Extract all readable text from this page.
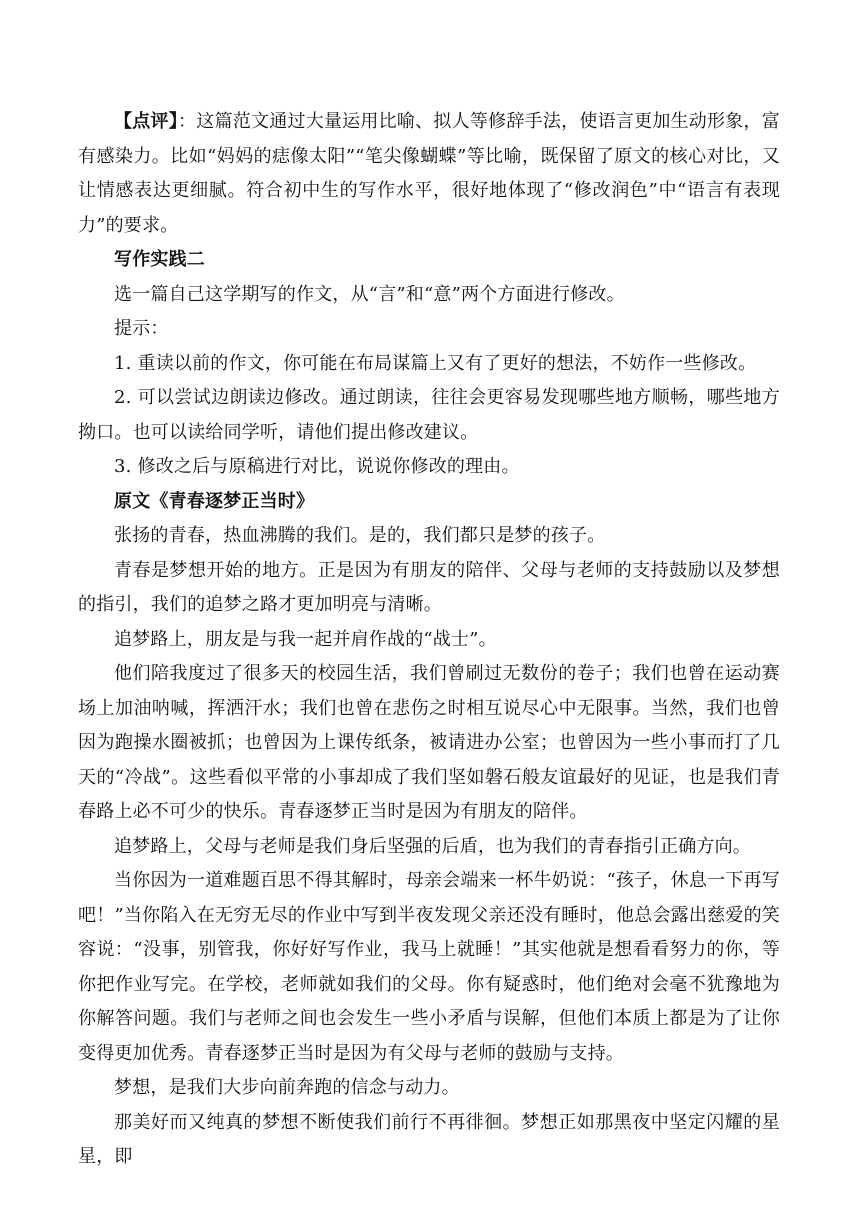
【点评】：这篇范文通过大量运用比喻、拟人等修辞手法，使语言更加生动形象，富有感染力。比如“妈妈的痣像太阳”“笔尖像蝴蝶”等比喻，既保留了原文的核心对比，又让情感表达更细腻。符合初中生的写作水平，很好地体现了“修改润色”中“语言有表现力”的要求。

写作实践二

选一篇自己这学期写的作文，从“言”和“意”两个方面进行修改。

提示：

1. 重读以前的作文，你可能在布局谋篇上又有了更好的想法，不妨作一些修改。

2. 可以尝试边朗读边修改。通过朗读，往往会更容易发现哪些地方顺畅，哪些地方拗口。也可以读给同学听，请他们提出修改建议。

3. 修改之后与原稿进行对比，说说你修改的理由。

原文《青春逐梦正当时》

张扬的青春，热血沸腾的我们。是的，我们都只是梦的孩子。

青春是梦想开始的地方。正是因为有朋友的陪伴、父母与老师的支持鼓励以及梦想的指引，我们的追梦之路才更加明亮与清晰。

追梦路上，朋友是与我一起并肩作战的“战士”。

他们陪我度过了很多天的校园生活，我们曾刷过无数份的卷子；我们也曾在运动赛场上加油呐喊，挥洒汗水；我们也曾在悲伤之时相互说尽心中无限事。当然，我们也曾因为跑操水圈被抓；也曾因为上课传纸条，被请进办公室；也曾因为一些小事而打了几天的“冷战”。这些看似平常的小事却成了我们坚如磐石般友谊最好的见证，也是我们青春路上必不可少的快乐。青春逐梦正当时是因为有朋友的陪伴。

追梦路上，父母与老师是我们身后坚强的后盾，也为我们的青春指引正确方向。

当你因为一道难题百思不得其解时，母亲会端来一杯牛奶说：“孩子，休息一下再写吧！”当你陷入在无穷无尽的作业中写到半夜发现父亲还没有睡时，他总会露出慈爱的笑容说：“没事，别管我，你好好写作业，我马上就睡！”其实他就是想看看努力的你，等你把作业写完。在学校，老师就如我们的父母。你有疑惑时，他们绝对会毫不犹豫地为你解答问题。我们与老师之间也会发生一些小矛盾与误解，但他们本质上都是为了让你变得更加优秀。青春逐梦正当时是因为有父母与老师的鼓励与支持。

梦想，是我们大步向前奔跑的信念与动力。

那美好而又纯真的梦想不断使我们前行不再徘徊。梦想正如那黑夜中坚定闪耀的星星，即
